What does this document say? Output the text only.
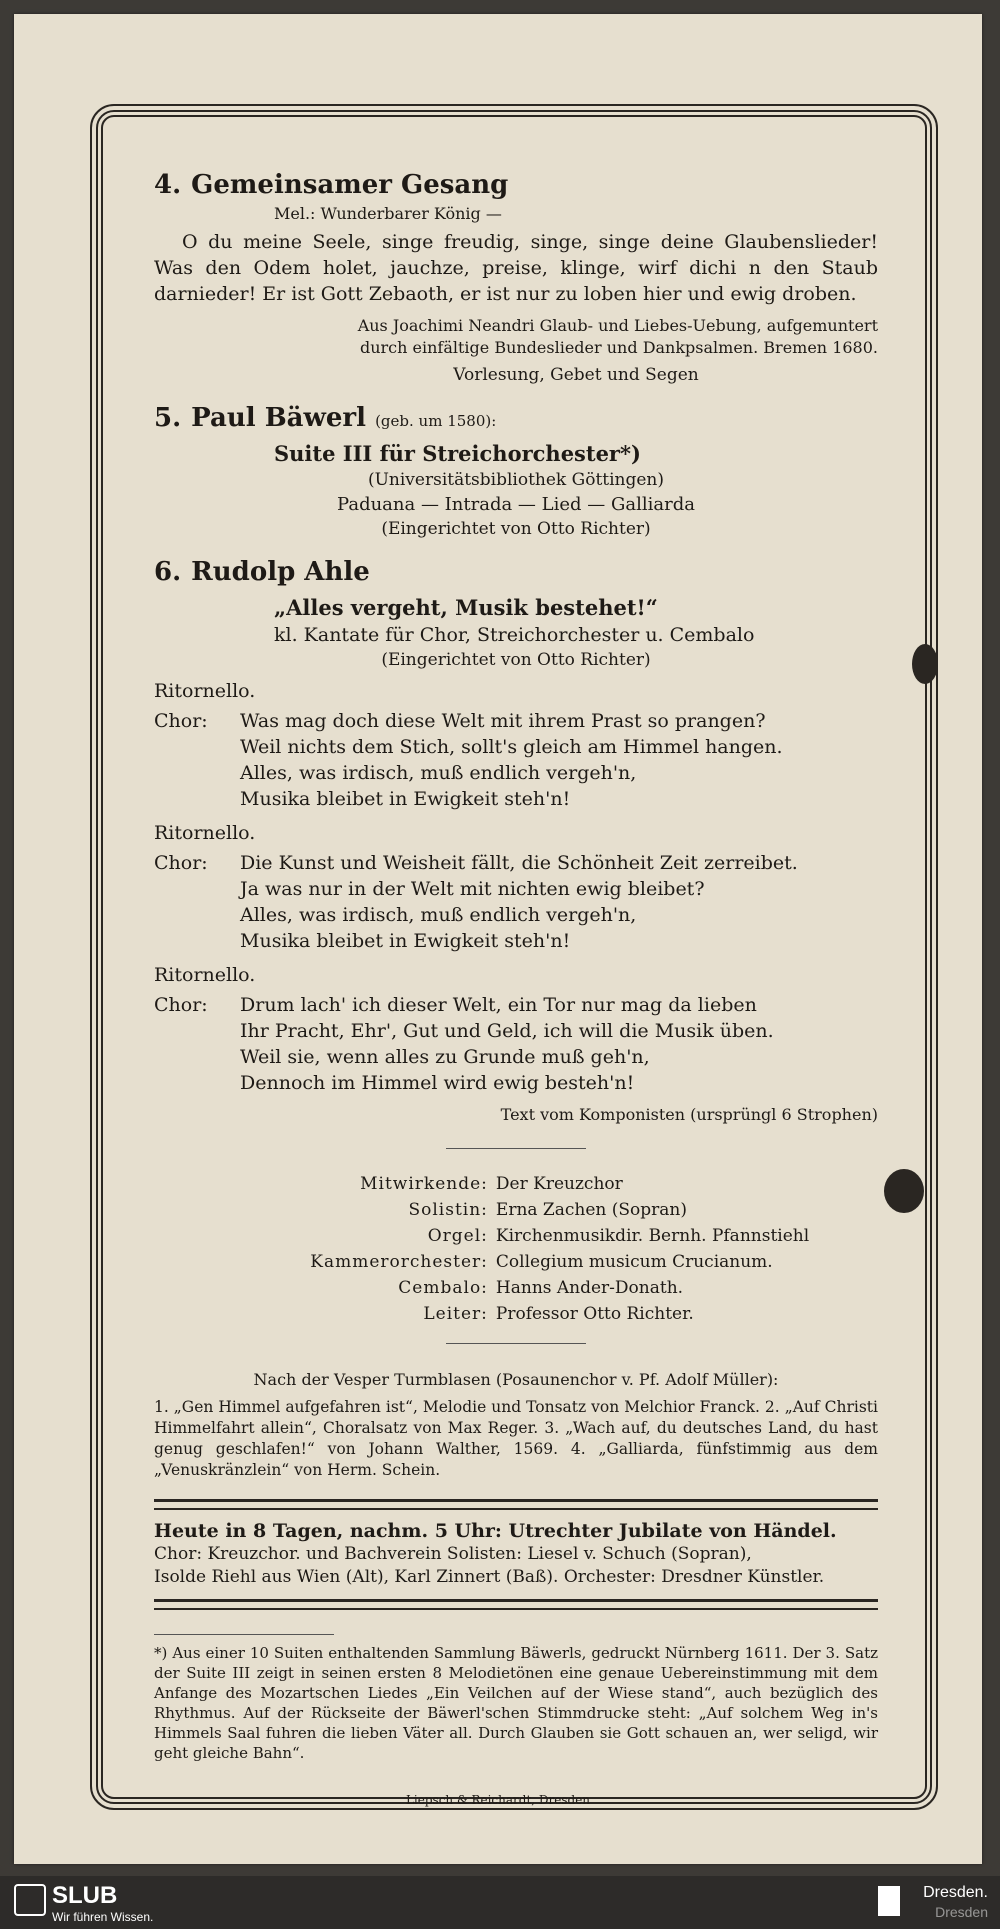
4. Gemeinsamer Gesang
Mel.: Wunderbarer König —
O du meine Seele, singe freudig, singe, singe deine Glaubenslieder! Was den Odem holet, jauchze, preise, klinge, wirf dichi n den Staub darnieder! Er ist Gott Zebaoth, er ist nur zu loben hier und ewig droben.
Aus Joachimi Neandri Glaub- und Liebes-Uebung, aufgemuntert
durch einfältige Bundeslieder und Dankpsalmen. Bremen 1680.
Vorlesung, Gebet und Segen
5. Paul Bäwerl (geb. um 1580):
Suite III für Streichorchester*)
(Universitätsbibliothek Göttingen)
Paduana — Intrada — Lied — Galliarda
(Eingerichtet von Otto Richter)
6. Rudolp Ahle
„Alles vergeht, Musik bestehet!“
kl. Kantate für Chor, Streichorchester u. Cembalo
(Eingerichtet von Otto Richter)
Ritornello.
Chor:	Was mag doch diese Welt mit ihrem Prast so prangen?
Weil nichts dem Stich, sollt's gleich am Himmel hangen.
Alles, was irdisch, muß endlich vergeh'n,
Musika bleibet in Ewigkeit steh'n!
Ritornello.
Chor:	Die Kunst und Weisheit fällt, die Schönheit Zeit zerreibet.
Ja was nur in der Welt mit nichten ewig bleibet?
Alles, was irdisch, muß endlich vergeh'n,
Musika bleibet in Ewigkeit steh'n!
Ritornello.
Chor:	Drum lach' ich dieser Welt, ein Tor nur mag da lieben
Ihr Pracht, Ehr', Gut und Geld, ich will die Musik üben.
Weil sie, wenn alles zu Grunde muß geh'n,
Dennoch im Himmel wird ewig besteh'n!
Text vom Komponisten (ursprüngl 6 Strophen)
Mitwirkende: Der Kreuzchor
Solistin: Erna Zachen (Sopran)
Orgel: Kirchenmusikdir. Bernh. Pfannstiehl
Kammerorchester: Collegium musicum Crucianum.
Cembalo: Hanns Ander-Donath.
Leiter: Professor Otto Richter.
Nach der Vesper Turmblasen (Posaunenchor v. Pf. Adolf Müller):
1. „Gen Himmel aufgefahren ist“, Melodie und Tonsatz von Melchior Franck. 2. „Auf Christi Himmelfahrt allein“, Choralsatz von Max Reger. 3. „Wach auf, du deutsches Land, du hast genug geschlafen!“ von Johann Walther, 1569. 4. „Galliarda, fünfstimmig aus dem „Venuskränzlein“ von Herm. Schein.
Heute in 8 Tagen, nachm. 5 Uhr: Utrechter Jubilate von Händel.
Chor: Kreuzchor. und Bachverein Solisten: Liesel v. Schuch (Sopran),
Isolde Riehl aus Wien (Alt), Karl Zinnert (Baß). Orchester: Dresdner Künstler.
*) Aus einer 10 Suiten enthaltenden Sammlung Bäwerls, gedruckt Nürnberg 1611. Der 3. Satz der Suite III zeigt in seinen ersten 8 Melodietönen eine genaue Uebereinstimmung mit dem Anfange des Mozartschen Liedes „Ein Veilchen auf der Wiese stand“, auch bezüglich des Rhythmus. Auf der Rückseite der Bäwerl'schen Stimmdrucke steht: „Auf solchem Weg in's Himmels Saal fuhren die lieben Väter all. Durch Glauben sie Gott schauen an, wer seligd, wir geht gleiche Bahn“.
Liepsch & Reichardt, Dresden
SLUB
Wir führen Wissen.
Dresden.
Dresden
